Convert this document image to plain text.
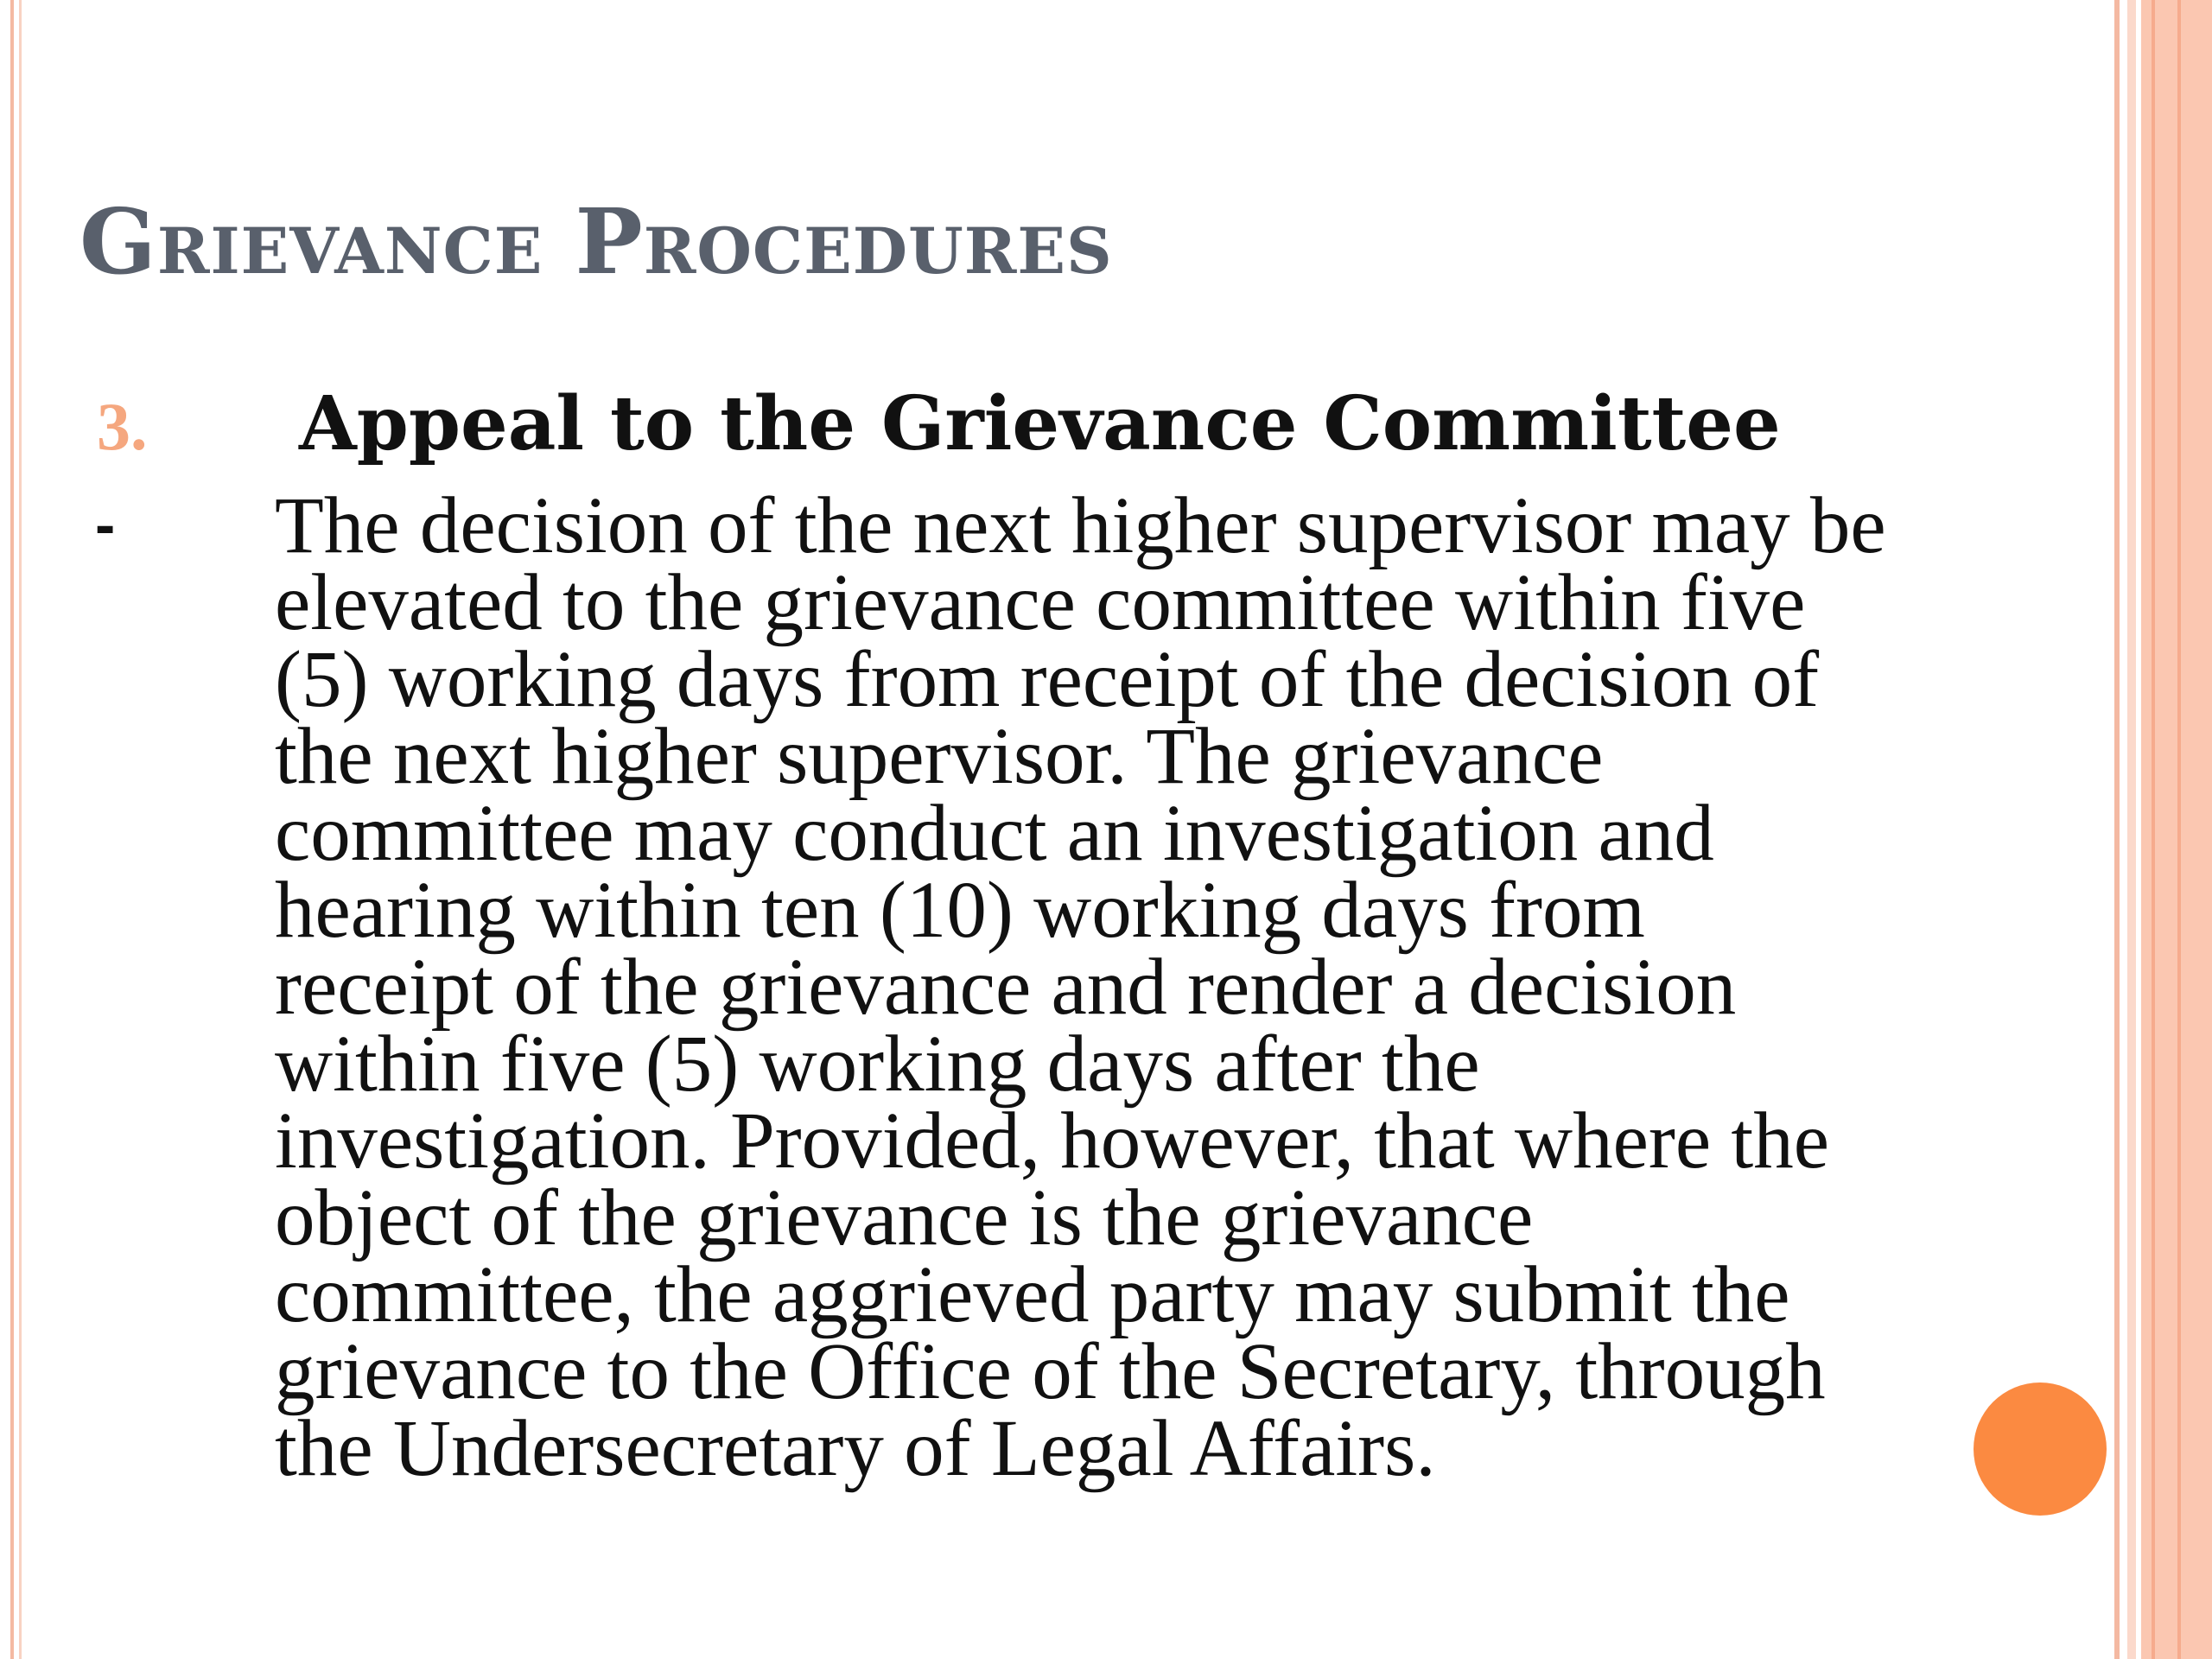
Grievance Procedures
3. Appeal to the Grievance Committee
- The decision of the next higher supervisor may be
elevated to the grievance committee within five
(5) working days from receipt of the decision of
the next higher supervisor. The grievance
committee may conduct an investigation and
hearing within ten (10) working days from
receipt of the grievance and render a decision
within five (5) working days after the
investigation. Provided, however, that where the
object of the grievance is the grievance
committee, the aggrieved party may submit the
grievance to the Office of the Secretary, through
the Undersecretary of Legal Affairs.
